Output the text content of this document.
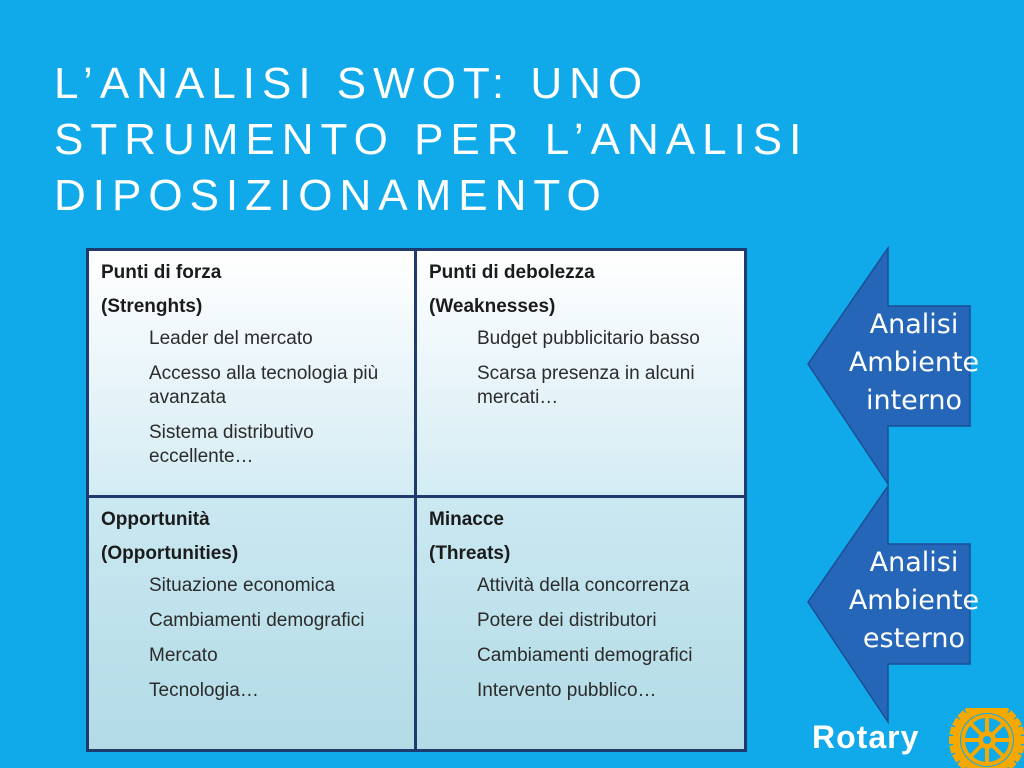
L’ANALISI SWOT: UNO
STRUMENTO PER L’ANALISI
DIPOSIZIONAMENTO
Punti di forza
(Strenghts)
Leader del mercato
Accesso alla tecnologia più avanzata
Sistema distributivo eccellente…
Punti di debolezza
(Weaknesses)
Budget pubblicitario basso
Scarsa presenza in alcuni mercati…
Opportunità
(Opportunities)
Situazione economica
Cambiamenti demografici
Mercato
Tecnologia…
Minacce
(Threats)
Attività della concorrenza
Potere dei distributori
Cambiamenti demografici
Intervento pubblico…
Analisi
Ambiente
interno
Analisi
Ambiente
esterno
Rotary
